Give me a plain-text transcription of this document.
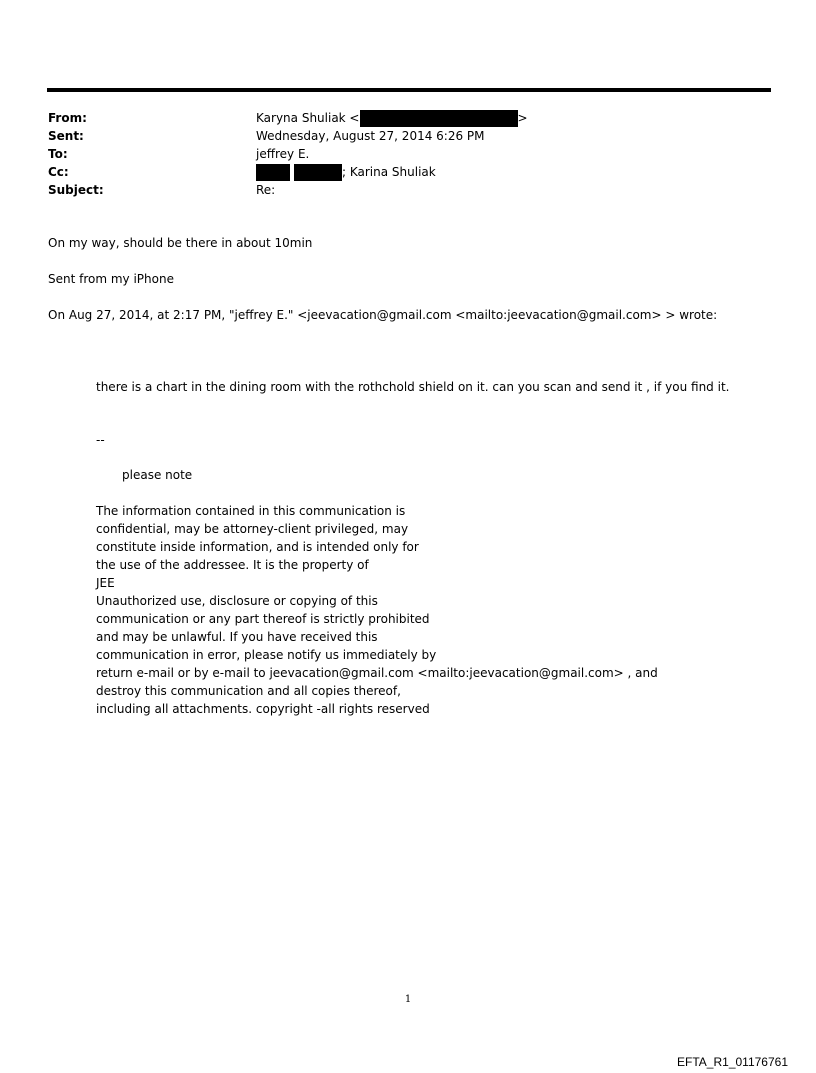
From:	Karyna Shuliak <	>
Sent:	Wednesday, August 27, 2014 6:26 PM
To:	jeffrey E.
Cc:	; Karina Shuliak
Subject:	Re:
On my way, should be there in about 10min
Sent from my iPhone
On Aug 27, 2014, at 2:17 PM, "jeffrey E." <jeevacation@gmail.com <mailto:jeevacation@gmail.com> > wrote:
there is a chart in the dining room with the rothchold shield on it. can you scan and send it , if you find it.
--
please note
The information contained in this communication is
confidential, may be attorney-client privileged, may
constitute inside information, and is intended only for
the use of the addressee. It is the property of
JEE
Unauthorized use, disclosure or copying of this
communication or any part thereof is strictly prohibited
and may be unlawful. If you have received this
communication in error, please notify us immediately by
return e-mail or by e-mail to jeevacation@gmail.com <mailto:jeevacation@gmail.com> , and
destroy this communication and all copies thereof,
including all attachments. copyright -all rights reserved
1
EFTA_R1_01176761
